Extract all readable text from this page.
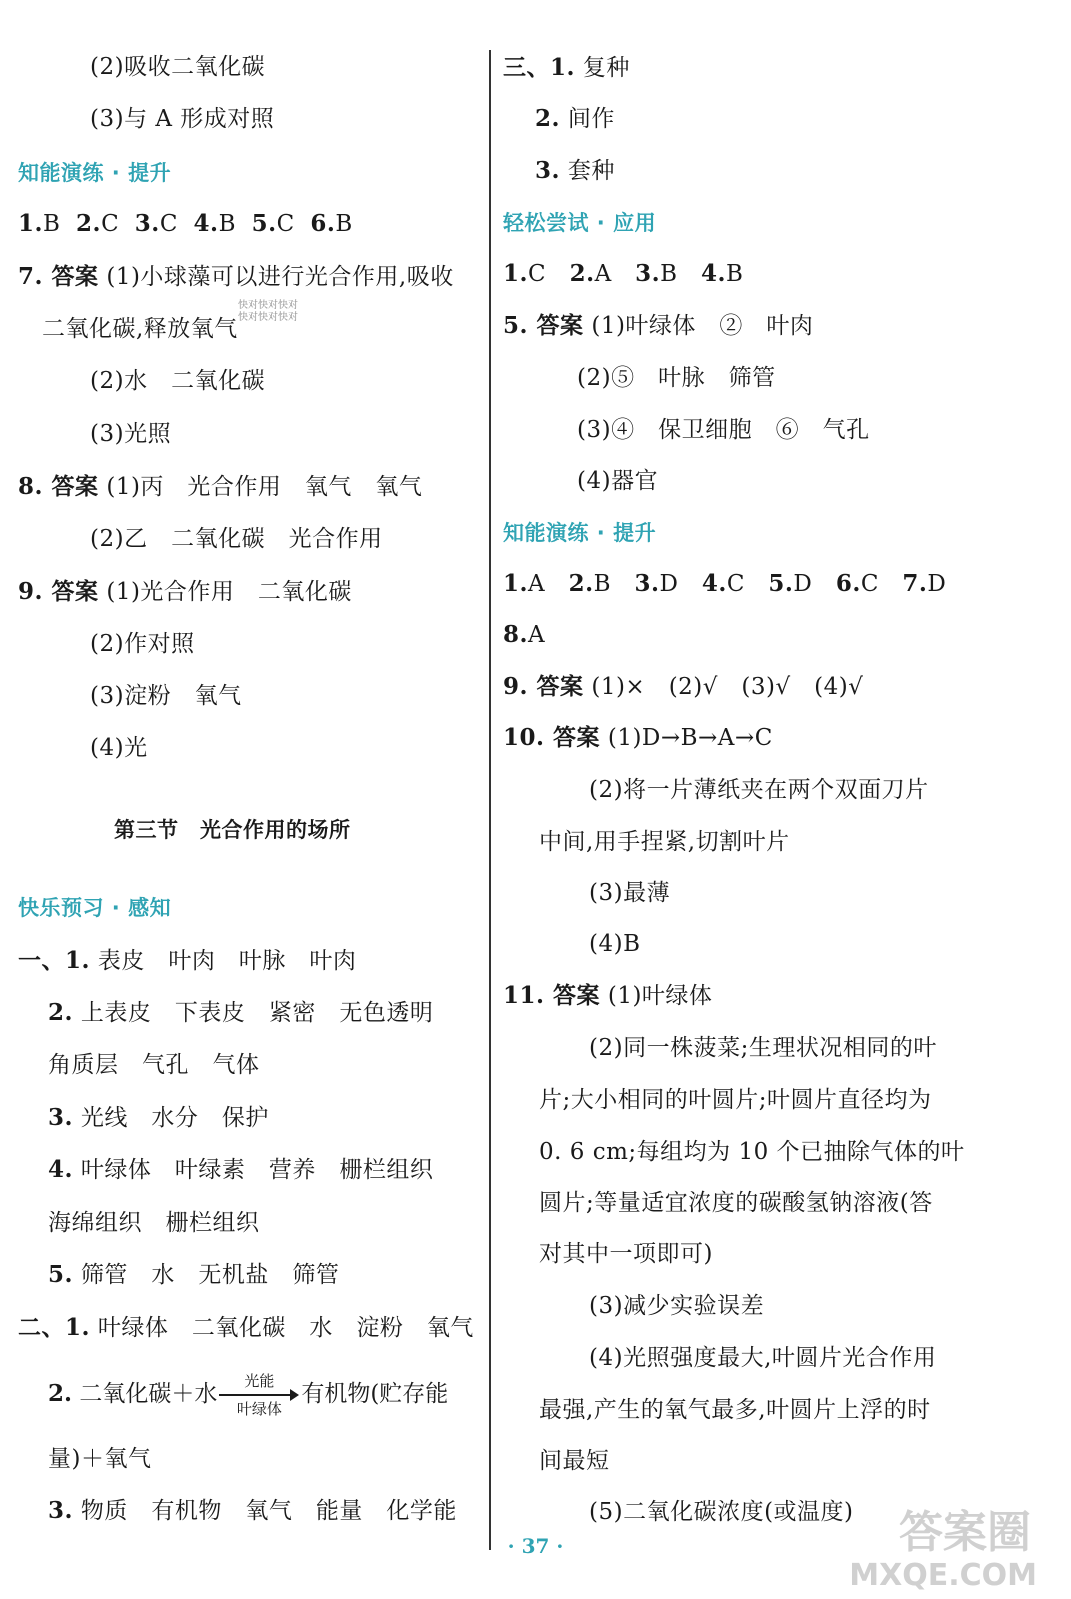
(2)吸收二氧化碳
(3)与 A 形成对照
知能演练 · 提升
1.B 2.C 3.C 4.B 5.C 6.B
7. 答案 (1)小球藻可以进行光合作用,吸收
二氧化碳,释放氧气
快对快对快对
快对快对快对
(2)水　二氧化碳
(3)光照
8. 答案 (1)丙　光合作用　氧气　氧气
(2)乙　二氧化碳　光合作用
9. 答案 (1)光合作用　二氧化碳
(2)作对照
(3)淀粉　氧气
(4)光
第三节　光合作用的场所
快乐预习 · 感知
一、1. 表皮　叶肉　叶脉　叶肉
2. 上表皮　下表皮　紧密　无色透明
角质层　气孔　气体
3. 光线　水分　保护
4. 叶绿体　叶绿素　营养　栅栏组织
海绵组织　栅栏组织
5. 筛管　水　无机盐　筛管
二、1. 叶绿体　二氧化碳　水　淀粉　氧气
2. 二氧化碳＋水	光能
叶绿体
有机物(贮存能
量)＋氧气
3. 物质　有机物　氧气　能量　化学能
三、1. 复种
2. 间作
3. 套种
轻松尝试 · 应用
1.C 2.A 3.B 4.B
5. 答案 (1)叶绿体　②　叶肉
(2)⑤　叶脉　筛管
(3)④　保卫细胞　⑥　气孔
(4)器官
知能演练 · 提升
1.A 2.B 3.D 4.C 5.D 6.C 7.D
8.A
9. 答案 (1)×　(2)√　(3)√　(4)√
10. 答案 (1)D→B→A→C
(2)将一片薄纸夹在两个双面刀片
中间,用手捏紧,切割叶片
(3)最薄
(4)B
11. 答案 (1)叶绿体
(2)同一株菠菜;生理状况相同的叶
片;大小相同的叶圆片;叶圆片直径均为
0. 6 cm;每组均为 10 个已抽除气体的叶
圆片;等量适宜浓度的碳酸氢钠溶液(答
对其中一项即可)
(3)减少实验误差
(4)光照强度最大,叶圆片光合作用
最强,产生的氧气最多,叶圆片上浮的时
间最短
(5)二氧化碳浓度(或温度)
· 37 ·	答案圈
MXQE.COM
